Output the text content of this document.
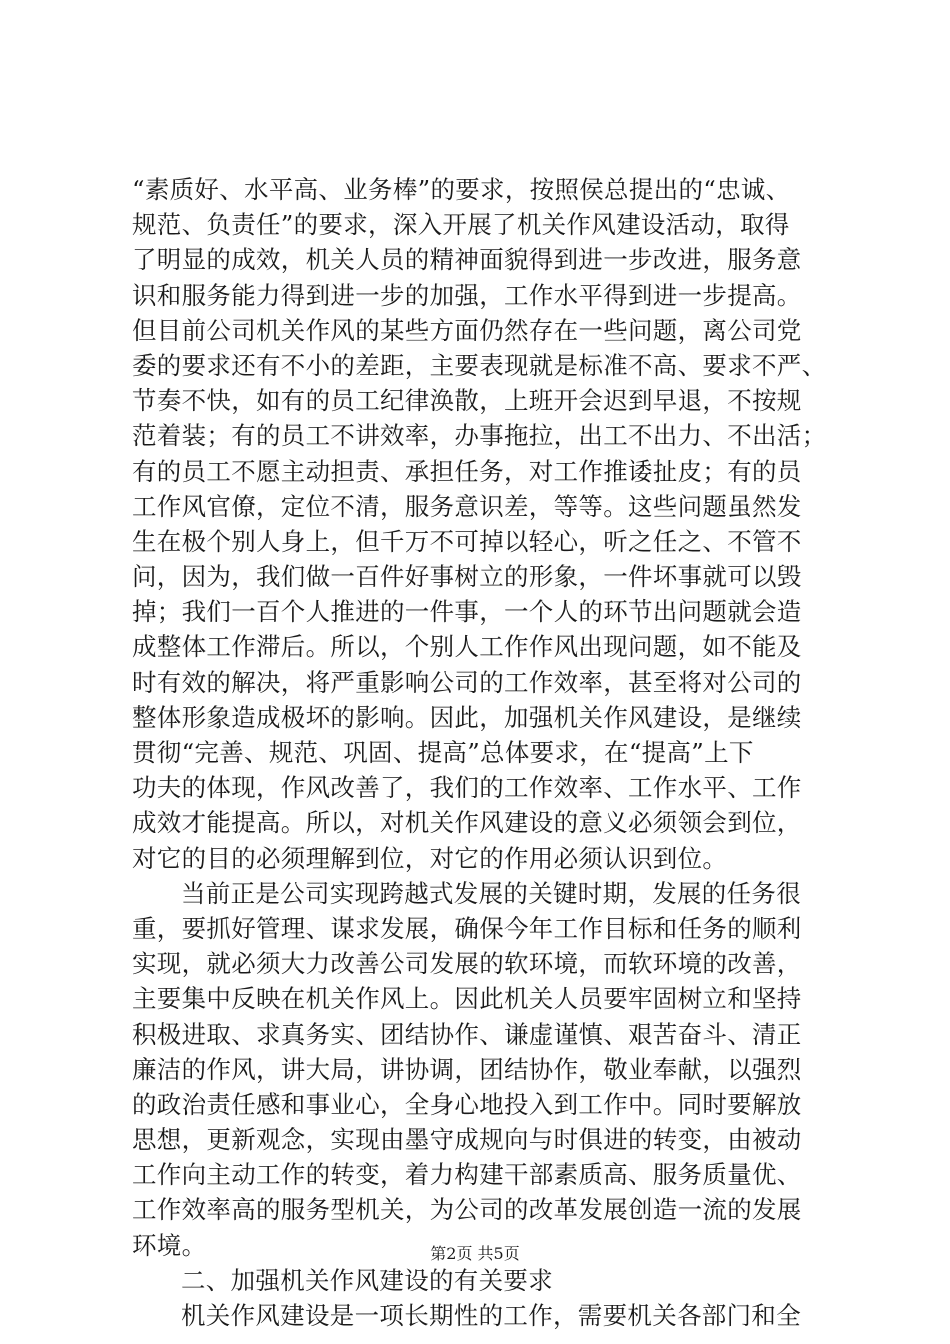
“素质好、水平高、业务棒”的要求，按照侯总提出的“忠诚、
规范、负责任”的要求，深入开展了机关作风建设活动，取得
了明显的成效，机关人员的精神面貌得到进一步改进，服务意
识和服务能力得到进一步的加强，工作水平得到进一步提高。
但目前公司机关作风的某些方面仍然存在一些问题，离公司党
委的要求还有不小的差距，主要表现就是标准不高、要求不严、
节奏不快，如有的员工纪律涣散，上班开会迟到早退，不按规
范着装；有的员工不讲效率，办事拖拉，出工不出力、不出活；
有的员工不愿主动担责、承担任务，对工作推诿扯皮；有的员
工作风官僚，定位不清，服务意识差，等等。这些问题虽然发
生在极个别人身上，但千万不可掉以轻心，听之任之、不管不
问，因为，我们做一百件好事树立的形象，一件坏事就可以毁
掉；我们一百个人推进的一件事，一个人的环节出问题就会造
成整体工作滞后。所以，个别人工作作风出现问题，如不能及
时有效的解决，将严重影响公司的工作效率，甚至将对公司的
整体形象造成极坏的影响。因此，加强机关作风建设，是继续
贯彻“完善、规范、巩固、提高”总体要求，在“提高”上下
功夫的体现，作风改善了，我们的工作效率、工作水平、工作
成效才能提高。所以，对机关作风建设的意义必须领会到位，
对它的目的必须理解到位，对它的作用必须认识到位。
当前正是公司实现跨越式发展的关键时期，发展的任务很
重，要抓好管理、谋求发展，确保今年工作目标和任务的顺利
实现，就必须大力改善公司发展的软环境，而软环境的改善，
主要集中反映在机关作风上。因此机关人员要牢固树立和坚持
积极进取、求真务实、团结协作、谦虚谨慎、艰苦奋斗、清正
廉洁的作风，讲大局，讲协调，团结协作，敬业奉献，以强烈
的政治责任感和事业心，全身心地投入到工作中。同时要解放
思想，更新观念，实现由墨守成规向与时俱进的转变，由被动
工作向主动工作的转变，着力构建干部素质高、服务质量优、
工作效率高的服务型机关，为公司的改革发展创造一流的发展
环境。
二、加强机关作风建设的有关要求
机关作风建设是一项长期性的工作，需要机关各部门和全
第2页 共5页
